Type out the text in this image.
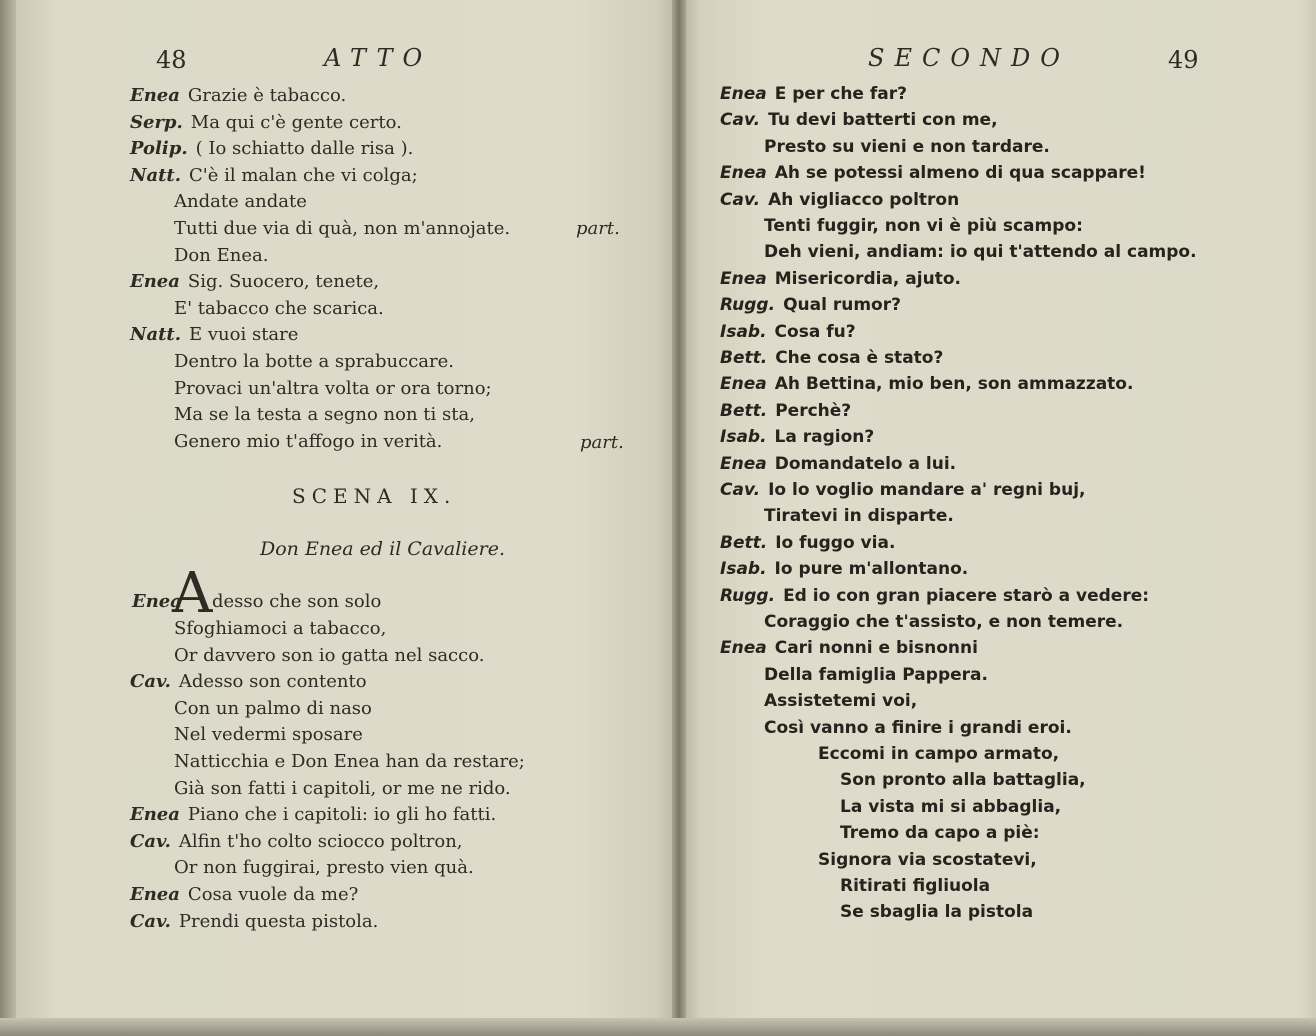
48	ATTO
Enea Grazie è tabacco.
Serp. Ma qui c'è gente certo.
Polip. ( Io schiatto dalle risa ).
Natt. C'è il malan che vi colga;
Andate andate
Tutti due via di quà, non m'annojate.
Don Enea.
Enea Sig. Suocero, tenete,
E' tabacco che scarica.
Natt. E vuoi stare
Dentro la botte a sprabuccare.
Provaci un'altra volta or ora torno;
Ma se la testa a segno non ti sta,
Genero mio t'affogo in verità.
part.
part.
SCENA IX.
Don Enea ed il Cavaliere.
Enea
A desso che son solo
Sfoghiamoci a tabacco,
Or davvero son io gatta nel sacco.
Cav. Adesso son contento
Con un palmo di naso
Nel vedermi sposare
Natticchia e Don Enea han da restare;
Già son fatti i capitoli, or me ne rido.
Enea Piano che i capitoli: io gli ho fatti.
Cav. Alfin t'ho colto sciocco poltron,
Or non fuggirai, presto vien quà.
Enea Cosa vuole da me?
Cav. Prendi questa pistola.
SECONDO	49
Enea E per che far?
Cav. Tu devi batterti con me,
Presto su vieni e non tardare.
Enea Ah se potessi almeno di qua scappare!
Cav. Ah vigliacco poltron
Tenti fuggir, non vi è più scampo:
Deh vieni, andiam: io qui t'attendo al campo.
Enea Misericordia, ajuto.
Rugg. Qual rumor?
Isab. Cosa fu?
Bett. Che cosa è stato?
Enea Ah Bettina, mio ben, son ammazzato.
Bett. Perchè?
Isab. La ragion?
Enea Domandatelo a lui.
Cav. Io lo voglio mandare a' regni buj,
Tiratevi in disparte.
Bett. Io fuggo via.
Isab. Io pure m'allontano.
Rugg. Ed io con gran piacere starò a vedere:
Coraggio che t'assisto, e non temere.
Enea Cari nonni e bisnonni
Della famiglia Pappera.
Assistetemi voi,
Così vanno a finire i grandi eroi.
Eccomi in campo armato,
Son pronto alla battaglia,
La vista mi si abbaglia,
Tremo da capo a piè:
Signora via scostatevi,
Ritirati figliuola
Se sbaglia la pistola
